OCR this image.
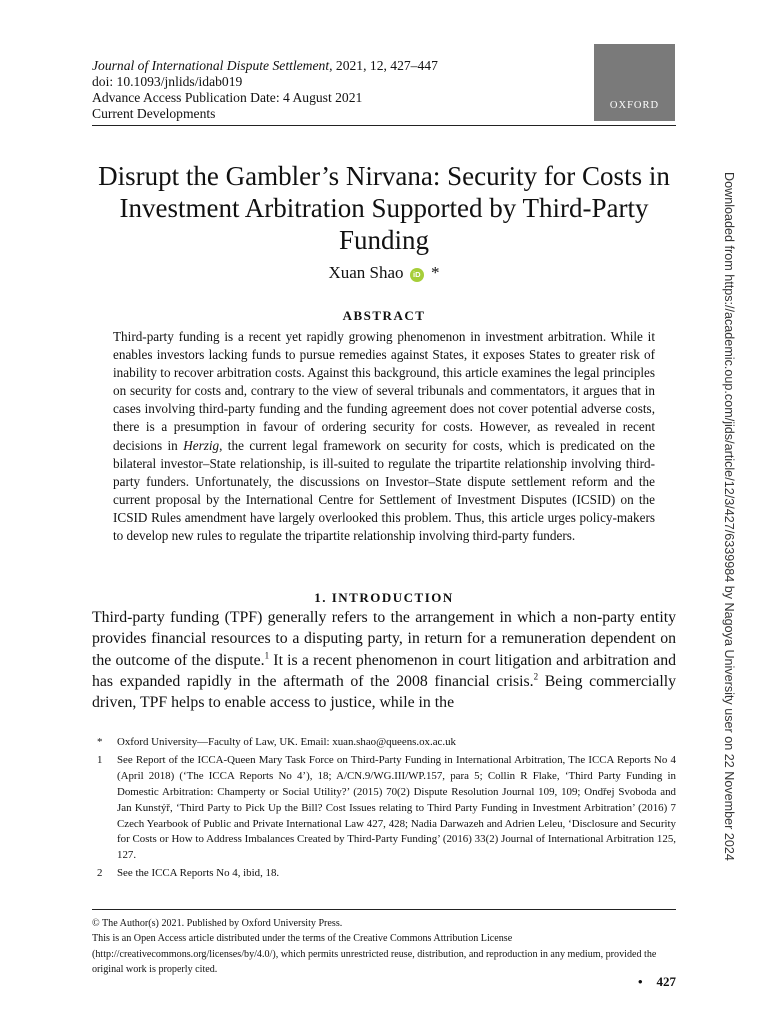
Journal of International Dispute Settlement, 2021, 12, 427–447
doi: 10.1093/jnlids/idab019
Advance Access Publication Date: 4 August 2021
Current Developments
OXFORD
Disrupt the Gambler’s Nirvana: Security for Costs in Investment Arbitration Supported by Third-Party Funding
Xuan Shao iD *
ABSTRACT

Third-party funding is a recent yet rapidly growing phenomenon in investment arbitration. While it enables investors lacking funds to pursue remedies against States, it exposes States to greater risk of inability to recover arbitration costs. Against this background, this article examines the legal principles on security for costs and, contrary to the view of several tribunals and commentators, it argues that in cases involving third-party funding and the funding agreement does not cover potential adverse costs, there is a presumption in favour of ordering security for costs. However, as revealed in recent decisions in Herzig, the current legal framework on security for costs, which is predicated on the bilateral investor–State relationship, is ill-suited to regulate the tripartite relationship involving third-party funders. Unfortunately, the discussions on Investor–State dispute settlement reform and the current proposal by the International Centre for Settlement of Investment Disputes (ICSID) on the ICSID Rules amendment have largely overlooked this problem. Thus, this article urges policy-makers to develop new rules to regulate the tripartite relationship involving third-party funders.

1. INTRODUCTION

Third-party funding (TPF) generally refers to the arrangement in which a non-party entity provides financial resources to a disputing party, in return for a remuneration dependent on the outcome of the dispute.$^1$ It is a recent phenomenon in court litigation and arbitration and has expanded rapidly in the aftermath of the 2008 financial crisis.$^2$ Being commercially driven, TPF helps to enable access to justice, while in the

* Oxford University—Faculty of Law, UK. Email: xuan.shao@queens.ox.ac.uk
1 See Report of the ICCA-Queen Mary Task Force on Third-Party Funding in International Arbitration, The ICCA Reports No 4 (April 2018) (‘The ICCA Reports No 4’), 18; A/CN.9/WG.III/WP.157, para 5; Collin R Flake, ‘Third Party Funding in Domestic Arbitration: Champerty or Social Utility?’ (2015) 70(2) Dispute Resolution Journal 109, 109; Ondřej Svoboda and Jan Kunstýř, ‘Third Party to Pick Up the Bill? Cost Issues relating to Third Party Funding in Investment Arbitration’ (2016) 7 Czech Yearbook of Public and Private International Law 427, 428; Nadia Darwazeh and Adrien Leleu, ‘Disclosure and Security for Costs or How to Address Imbalances Created by Third-Party Funding’ (2016) 33(2) Journal of International Arbitration 125, 127.
2 See the ICCA Reports No 4, ibid, 18.
© The Author(s) 2021. Published by Oxford University Press.
This is an Open Access article distributed under the terms of the Creative Commons Attribution License (http://creativecommons.org/licenses/by/4.0/), which permits unrestricted reuse, distribution, and reproduction in any medium, provided the original work is properly cited.
• 427
Downloaded from https://academic.oup.com/jids/article/12/3/427/6339984 by Nagoya University user on 22 November 2024
